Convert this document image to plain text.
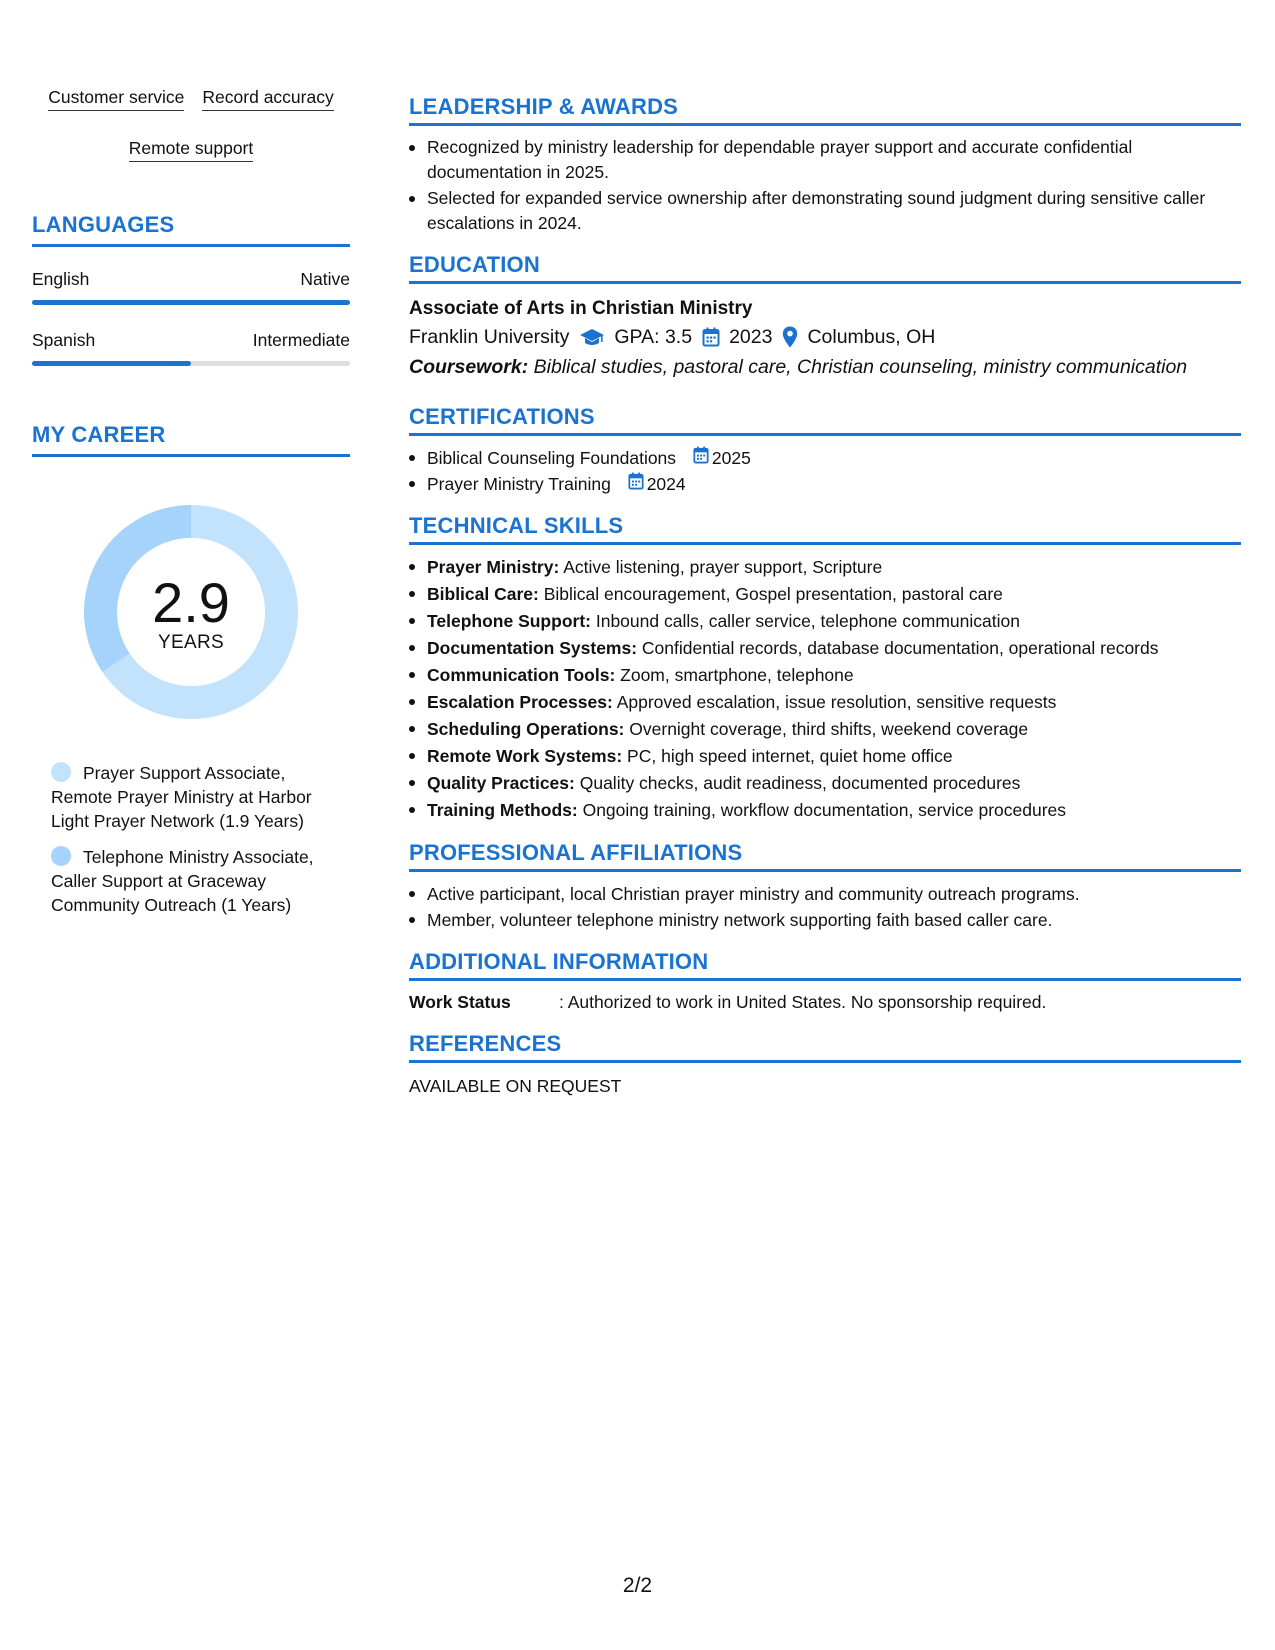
Customer service Record accuracy
Remote support
LANGUAGES
English	Native
Spanish	Intermediate
MY CAREER
2.9
YEARS
Prayer Support Associate, Remote Prayer Ministry at Harbor Light Prayer Network (1.9 Years)
Telephone Ministry Associate, Caller Support at Graceway Community Outreach (1 Years)
LEADERSHIP & AWARDS
Recognized by ministry leadership for dependable prayer support and accurate confidential documentation in 2025.
Selected for expanded service ownership after demonstrating sound judgment during sensitive caller escalations in 2024.
EDUCATION
Associate of Arts in Christian Ministry
Franklin University GPA: 3.5 2023 Columbus, OH
Coursework: Biblical studies, pastoral care, Christian counseling, ministry communication
CERTIFICATIONS
Biblical Counseling Foundations 2025
Prayer Ministry Training 2024
TECHNICAL SKILLS
Prayer Ministry: Active listening, prayer support, Scripture
Biblical Care: Biblical encouragement, Gospel presentation, pastoral care
Telephone Support: Inbound calls, caller service, telephone communication
Documentation Systems: Confidential records, database documentation, operational records
Communication Tools: Zoom, smartphone, telephone
Escalation Processes: Approved escalation, issue resolution, sensitive requests
Scheduling Operations: Overnight coverage, third shifts, weekend coverage
Remote Work Systems: PC, high speed internet, quiet home office
Quality Practices: Quality checks, audit readiness, documented procedures
Training Methods: Ongoing training, workflow documentation, service procedures
PROFESSIONAL AFFILIATIONS
Active participant, local Christian prayer ministry and community outreach programs.
Member, volunteer telephone ministry network supporting faith based caller care.
ADDITIONAL INFORMATION
Work Status	: Authorized to work in United States. No sponsorship required.
REFERENCES
AVAILABLE ON REQUEST
2/2
